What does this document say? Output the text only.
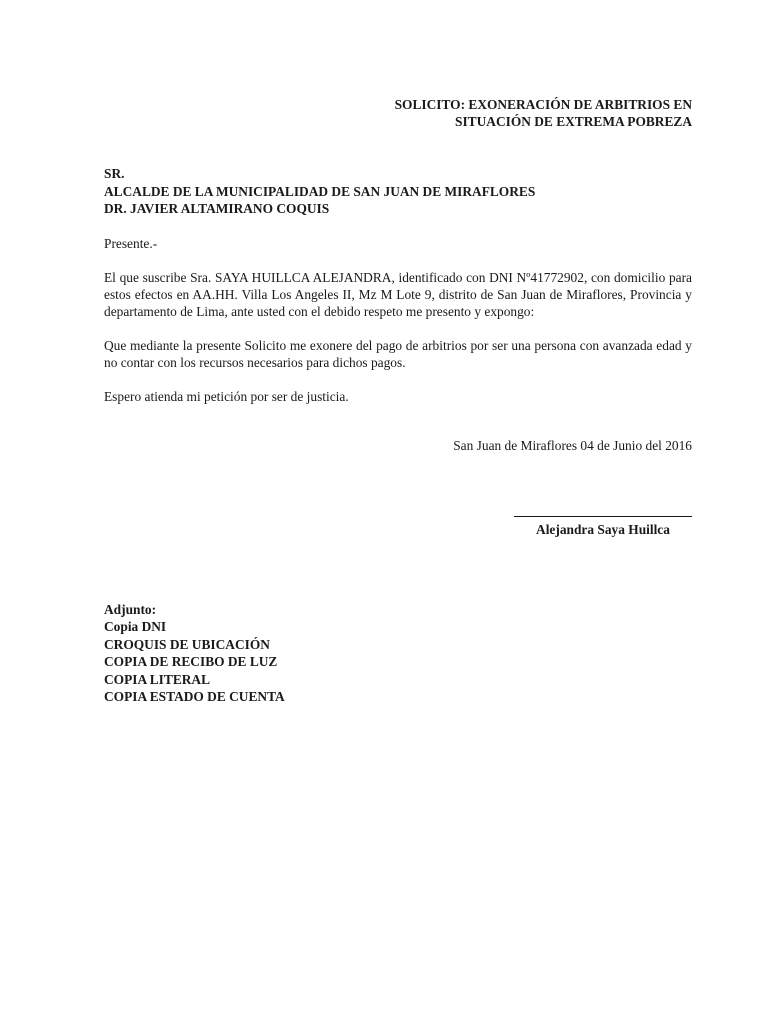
SOLICITO: EXONERACIÓN DE ARBITRIOS EN
SITUACIÓN DE EXTREMA POBREZA
SR.
ALCALDE DE LA MUNICIPALIDAD DE SAN JUAN DE MIRAFLORES
DR. JAVIER ALTAMIRANO COQUIS
Presente.-
El que suscribe Sra. SAYA HUILLCA ALEJANDRA, identificado con DNI Nº41772902, con domicilio para estos efectos en AA.HH. Villa Los Angeles II, Mz M Lote 9, distrito de San Juan de Miraflores, Provincia y departamento de Lima, ante usted con el debido respeto me presento y expongo:
Que mediante la presente Solicito me exonere del pago de arbitrios por ser una persona con avanzada edad y no contar con los recursos necesarios para dichos pagos.
Espero atienda mi petición por ser de justicia.
San Juan de Miraflores 04 de Junio del 2016
Alejandra Saya Huillca
Adjunto:
Copia DNI
CROQUIS DE UBICACIÓN
COPIA DE RECIBO DE LUZ
COPIA LITERAL
COPIA ESTADO DE CUENTA
